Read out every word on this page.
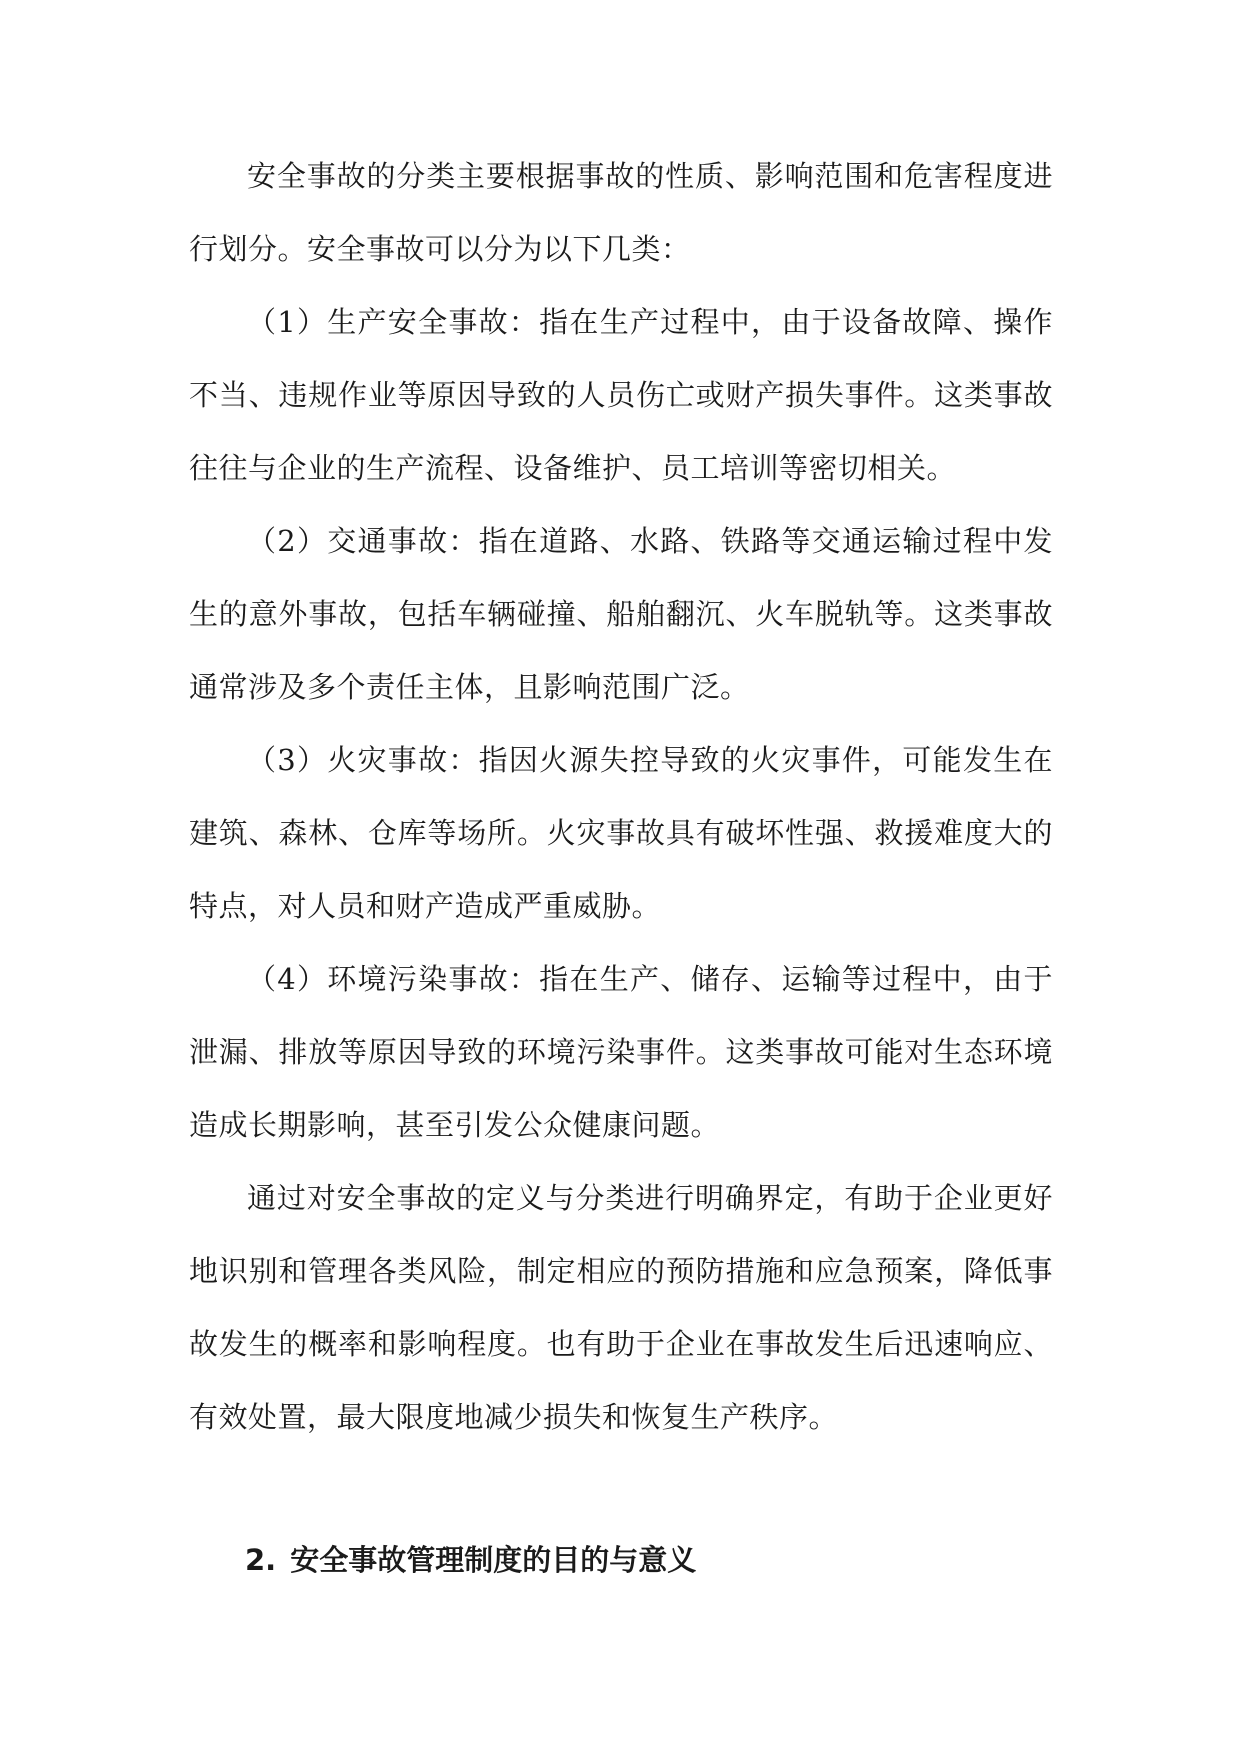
安全事故的分类主要根据事故的性质、影响范围和危害程度进行划分。安全事故可以分为以下几类：

（1）生产安全事故：指在生产过程中，由于设备故障、操作不当、违规作业等原因导致的人员伤亡或财产损失事件。这类事故往往与企业的生产流程、设备维护、员工培训等密切相关。

（2）交通事故：指在道路、水路、铁路等交通运输过程中发生的意外事故，包括车辆碰撞、船舶翻沉、火车脱轨等。这类事故通常涉及多个责任主体，且影响范围广泛。

（3）火灾事故：指因火源失控导致的火灾事件，可能发生在建筑、森林、仓库等场所。火灾事故具有破坏性强、救援难度大的特点，对人员和财产造成严重威胁。

（4）环境污染事故：指在生产、储存、运输等过程中，由于泄漏、排放等原因导致的环境污染事件。这类事故可能对生态环境造成长期影响，甚至引发公众健康问题。

通过对安全事故的定义与分类进行明确界定，有助于企业更好地识别和管理各类风险，制定相应的预防措施和应急预案，降低事故发生的概率和影响程度。也有助于企业在事故发生后迅速响应、有效处置，最大限度地减少损失和恢复生产秩序。

2. 安全事故管理制度的目的与意义
